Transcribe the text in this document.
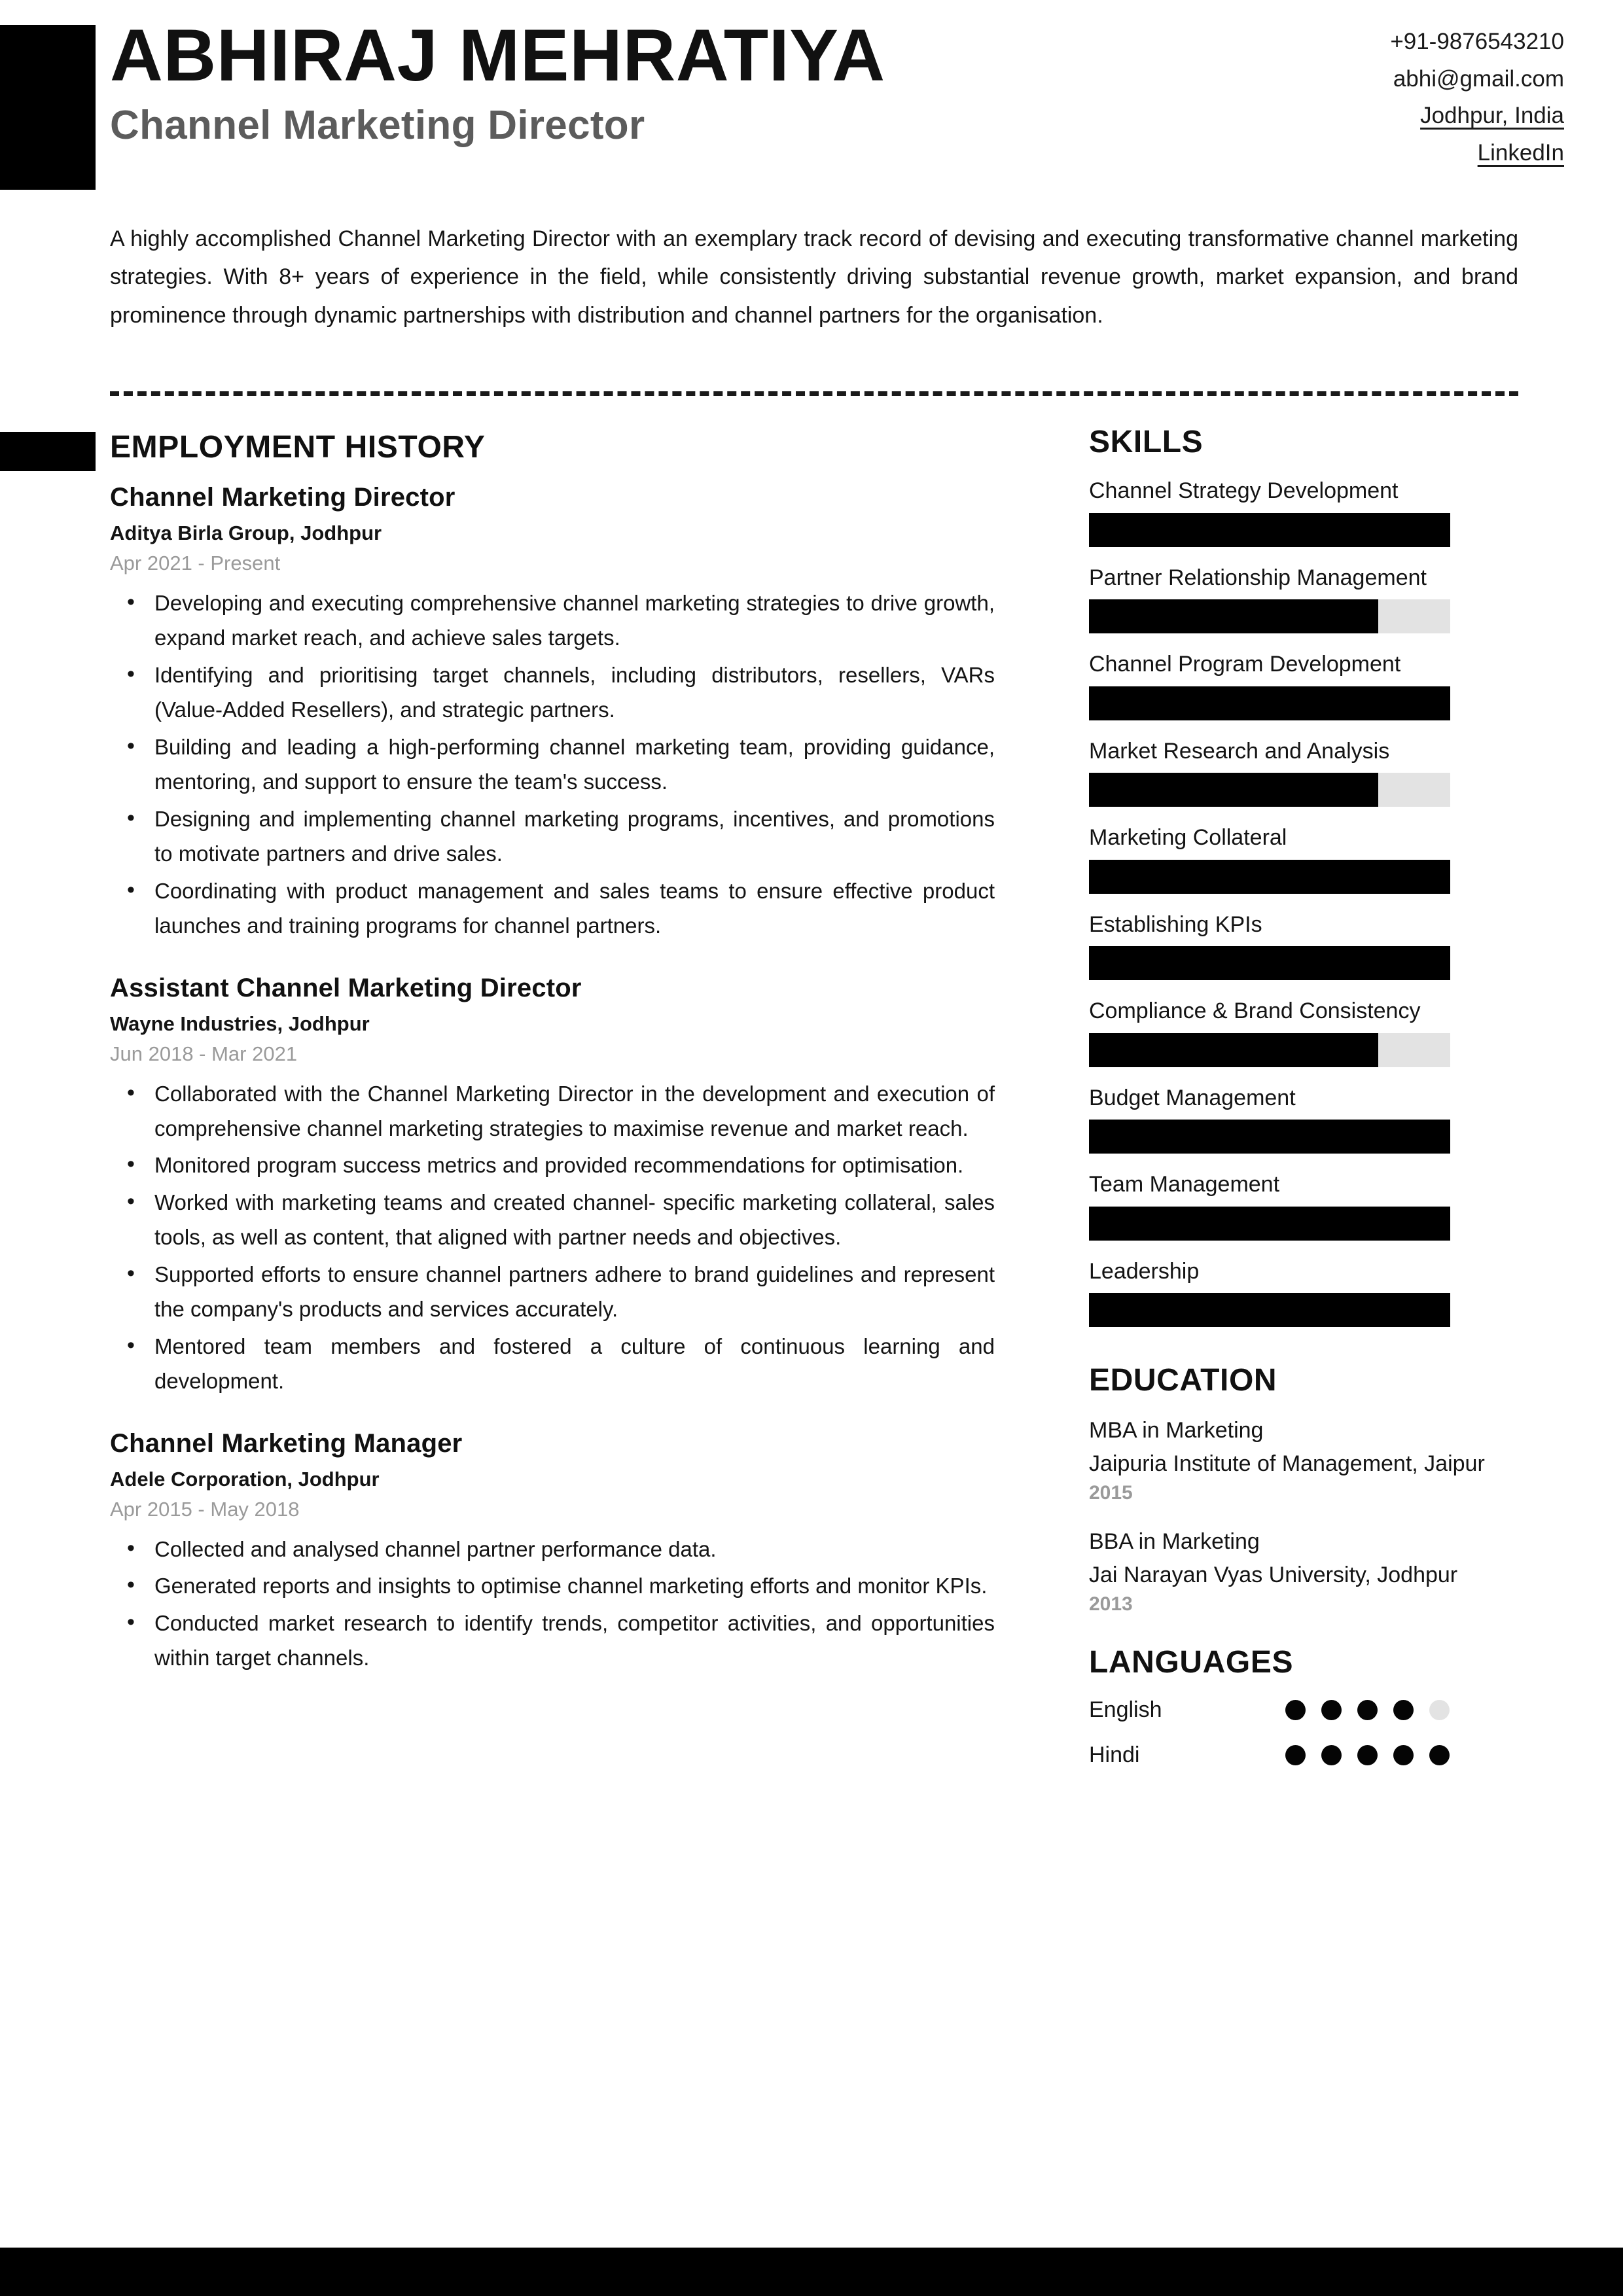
ABHIRAJ MEHRATIYA
Channel Marketing Director
+91-9876543210
abhi@gmail.com
Jodhpur, India
LinkedIn
A highly accomplished Channel Marketing Director with an exemplary track record of devising and executing transformative channel marketing strategies. With 8+ years of experience in the field, while consistently driving substantial revenue growth, market expansion, and brand prominence through dynamic partnerships with distribution and channel partners for the organisation.
EMPLOYMENT HISTORY
Channel Marketing Director
Aditya Birla Group, Jodhpur
Apr 2021 - Present
• Developing and executing comprehensive channel marketing strategies to drive growth, expand market reach, and achieve sales targets.
• Identifying and prioritising target channels, including distributors, resellers, VARs (Value-Added Resellers), and strategic partners.
• Building and leading a high-performing channel marketing team, providing guidance, mentoring, and support to ensure the team's success.
• Designing and implementing channel marketing programs, incentives, and promotions to motivate partners and drive sales.
• Coordinating with product management and sales teams to ensure effective product launches and training programs for channel partners.
Assistant Channel Marketing Director
Wayne Industries, Jodhpur
Jun 2018 - Mar 2021
• Collaborated with the Channel Marketing Director in the development and execution of comprehensive channel marketing strategies to maximise revenue and market reach.
• Monitored program success metrics and provided recommendations for optimisation.
• Worked with marketing teams and created channel- specific marketing collateral, sales tools, as well as content, that aligned with partner needs and objectives.
• Supported efforts to ensure channel partners adhere to brand guidelines and represent the company's products and services accurately.
• Mentored team members and fostered a culture of continuous learning and development.
Channel Marketing Manager
Adele Corporation, Jodhpur
Apr 2015 - May 2018
• Collected and analysed channel partner performance data.
• Generated reports and insights to optimise channel marketing efforts and monitor KPIs.
• Conducted market research to identify trends, competitor activities, and opportunities within target channels.
SKILLS
Channel Strategy Development
Partner Relationship Management
Channel Program Development
Market Research and Analysis
Marketing Collateral
Establishing KPIs
Compliance & Brand Consistency
Budget Management
Team Management
Leadership
EDUCATION
MBA in Marketing
Jaipuria Institute of Management, Jaipur
2015
BBA in Marketing
Jai Narayan Vyas University, Jodhpur
2013
LANGUAGES
English
Hindi
